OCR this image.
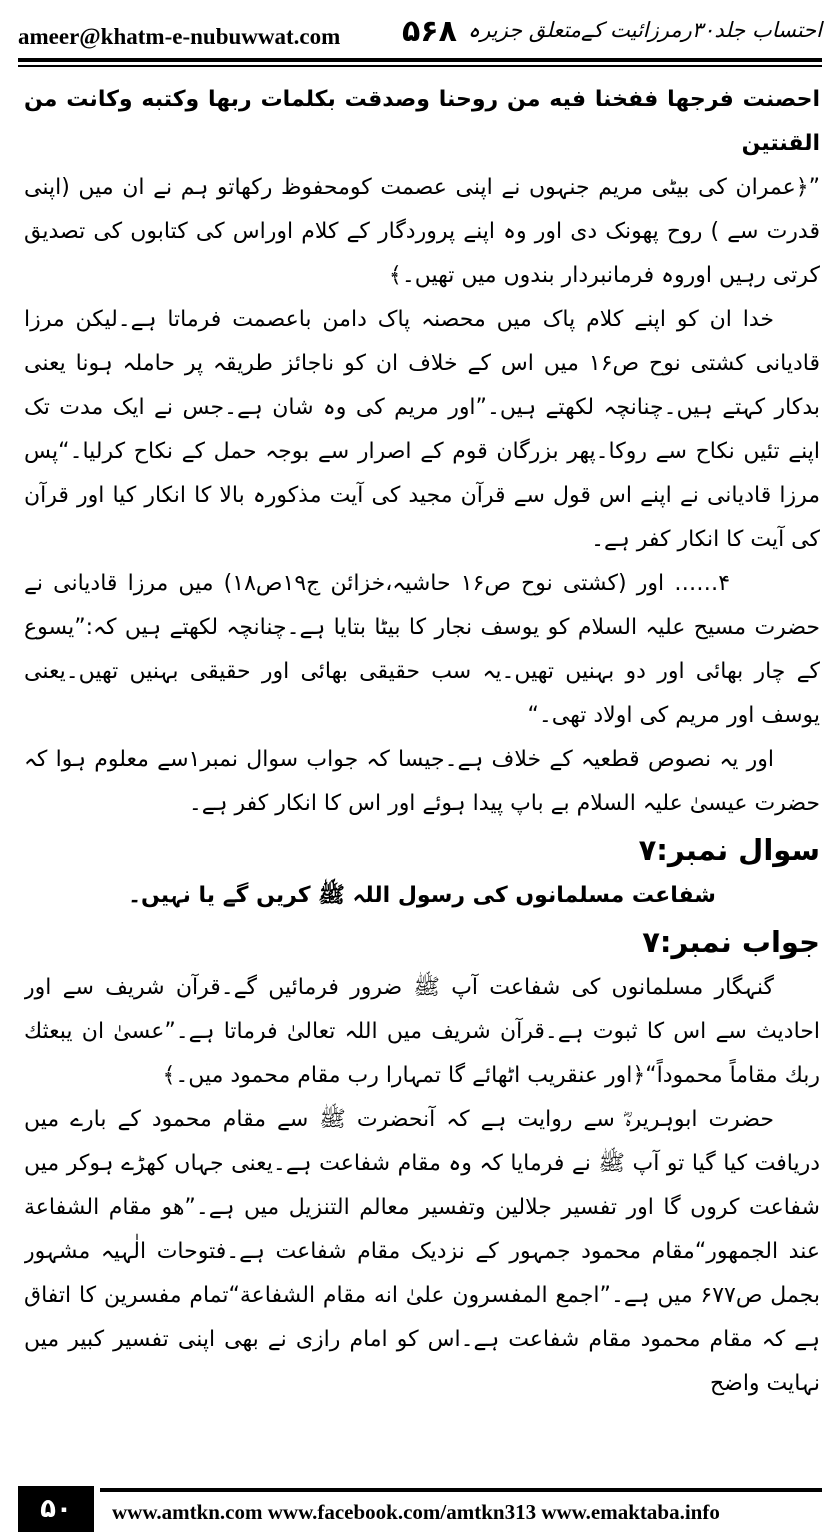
ameer@khatm-e-nubuwwat.com ۵۶۸ احتساب جلد۳۰رمرزائیت کےمتعلق جزیرہ

احصنت فرجها ففخنا فيه من روحنا وصدقت بكلمات ربها وكتبه وكانت من القنتين

”﴿عمران کی بیٹی مریم جنہوں نے اپنی عصمت کومحفوظ رکھاتو ہم نے ان میں (اپنی قدرت سے ) روح پھونک دی اور وہ اپنے پروردگار کے کلام اوراس کی کتابوں کی تصدیق کرتی رہیں اوروہ فرمانبردار بندوں میں تھیں۔﴾

خدا ان کو اپنے کلام پاک میں محصنہ پاک دامن باعصمت فرماتا ہے۔لیکن مرزا قادیانی کشتی نوح ص۱۶ میں اس کے خلاف ان کو ناجائز طریقہ پر حاملہ ہونا یعنی بدکار کہتے ہیں۔چنانچہ لکھتے ہیں۔”اور مریم کی وہ شان ہے۔جس نے ایک مدت تک اپنے تئیں نکاح سے روکا۔پھر بزرگان قوم کے اصرار سے بوجہ حمل کے نکاح کرلیا۔“پس مرزا قادیانی نے اپنے اس قول سے قرآن مجید کی آیت مذکورہ بالا کا انکار کیا اور قرآن کی آیت کا انکار کفر ہے۔

۴…… اور (کشتی نوح ص۱۶ حاشیہ،خزائن ج۱۹ص۱۸) میں مرزا قادیانی نے حضرت مسیح علیہ السلام کو یوسف نجار کا بیٹا بتایا ہے۔چنانچہ لکھتے ہیں کہ:”یسوع کے چار بھائی اور دو بہنیں تھیں۔یہ سب حقیقی بھائی اور حقیقی بہنیں تھیں۔یعنی یوسف اور مریم کی اولاد تھی۔“

اور یہ نصوص قطعیہ کے خلاف ہے۔جیسا کہ جواب سوال نمبر۱سے معلوم ہوا کہ حضرت عیسیٰ علیہ السلام بے باپ پیدا ہوئے اور اس کا انکار کفر ہے۔

سوال نمبر:۷

شفاعت مسلمانوں کی رسول اللہ ﷺ کریں گے یا نہیں۔

جواب نمبر:۷

گنہگار مسلمانوں کی شفاعت آپ ﷺ ضرور فرمائیں گے۔قرآن شریف سے اور احادیث سے اس کا ثبوت ہے۔قرآن شریف میں اللہ تعالیٰ فرماتا ہے۔”عسیٰ ان يبعثك ربك مقاماً محموداً“﴿اور عنقریب اٹھائے گا تمہارا رب مقام محمود میں۔﴾

حضرت ابوہریرہؓ سے روایت ہے کہ آنحضرت ﷺ سے مقام محمود کے بارے میں دریافت کیا گیا تو آپ ﷺ نے فرمایا کہ وہ مقام شفاعت ہے۔یعنی جہاں کھڑے ہوکر میں شفاعت کروں گا اور تفسیر جلالین وتفسیر معالم التنزیل میں ہے۔”هو مقام الشفاعة عند الجمهور“مقام محمود جمہور کے نزدیک مقام شفاعت ہے۔فتوحات الٰہیہ مشہور بجمل ص۶۷۷ میں ہے۔”اجمع المفسرون علیٰ انه مقام الشفاعة“تمام مفسرین کا اتفاق ہے کہ مقام محمود مقام شفاعت ہے۔اس کو امام رازی نے بھی اپنی تفسیر کبیر میں نہایت واضح

۵۰	www.amtkn.com www.facebook.com/amtkn313 www.emaktaba.info
